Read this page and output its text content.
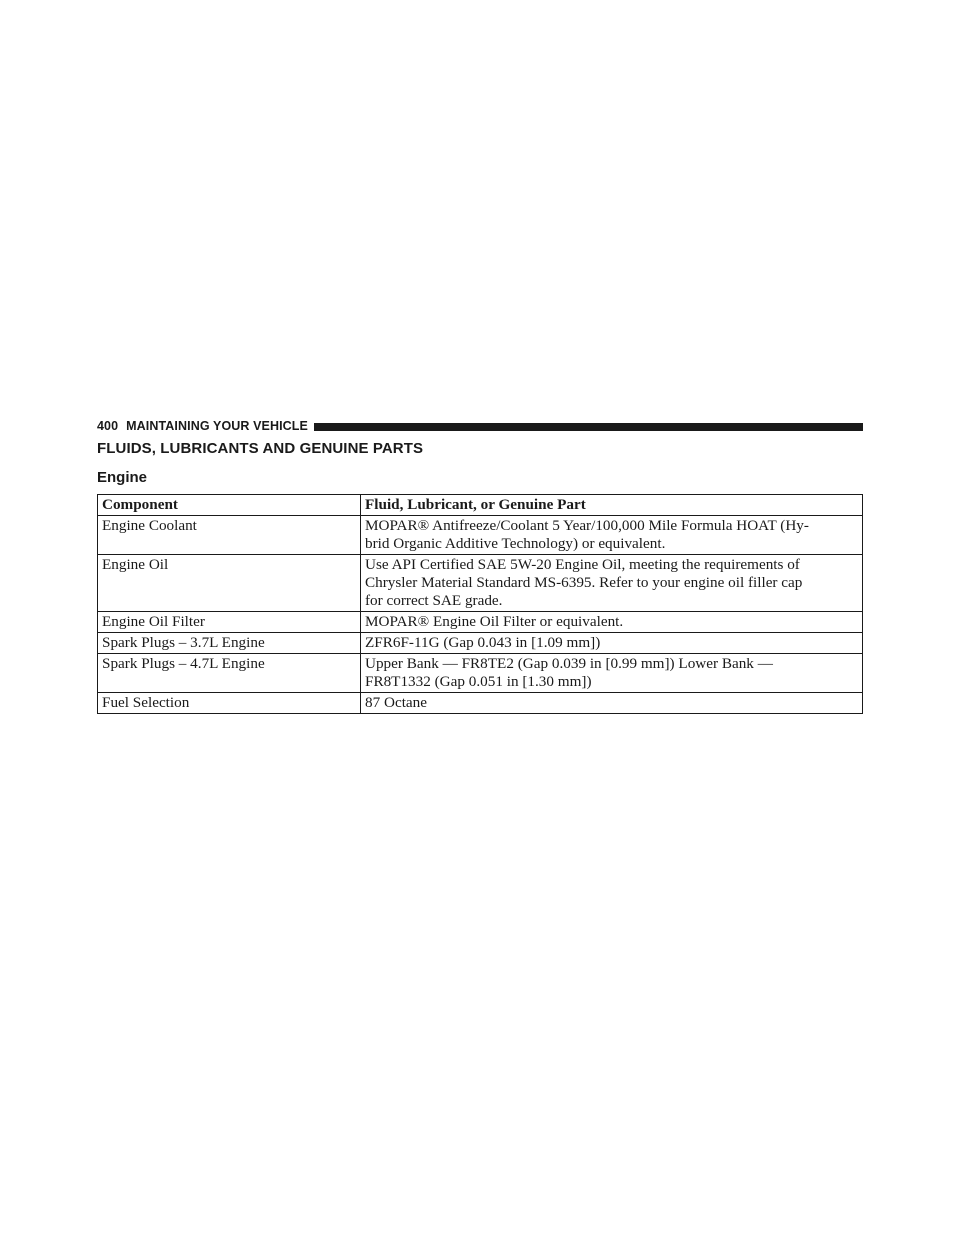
400 MAINTAINING YOUR VEHICLE
FLUIDS, LUBRICANTS AND GENUINE PARTS
Engine
Component	Fluid, Lubricant, or Genuine Part
Engine Coolant	MOPAR® Antifreeze/Coolant 5 Year/100,000 Mile Formula HOAT (Hy-
brid Organic Additive Technology) or equivalent.

Engine Oil	Use API Certified SAE 5W-20 Engine Oil, meeting the requirements of
Chrysler Material Standard MS-6395. Refer to your engine oil filler cap
for correct SAE grade.

Engine Oil Filter	MOPAR® Engine Oil Filter or equivalent.

Spark Plugs – 3.7L Engine	ZFR6F-11G (Gap 0.043 in [1.09 mm])

Spark Plugs – 4.7L Engine	Upper Bank — FR8TE2 (Gap 0.039 in [0.99 mm]) Lower Bank —
FR8T1332 (Gap 0.051 in [1.30 mm])

Fuel Selection	87 Octane
